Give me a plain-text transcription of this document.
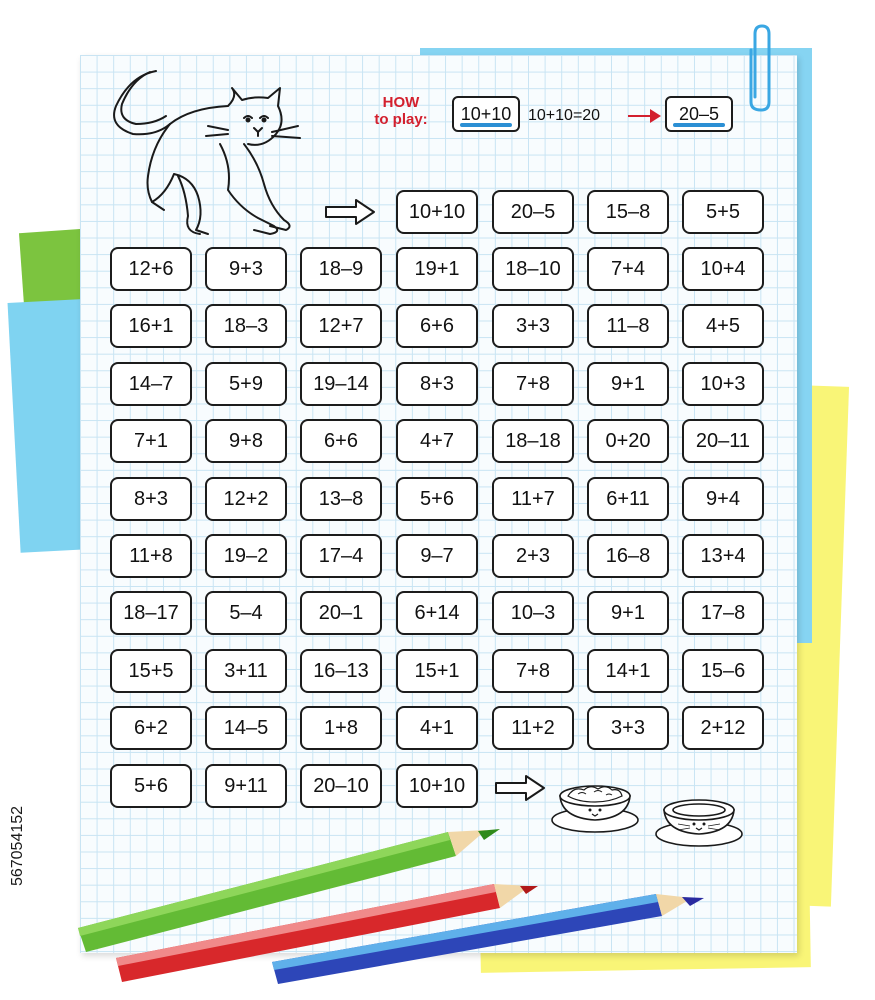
HOW
to play:	10+10 10+10=20	20–5
10+10	20–5	15–8	5+5
12+6	9+3	18–9	19+1	18–10	7+4	10+4
16+1	18–3	12+7	6+6	3+3	11–8	4+5
14–7	5+9	19–14	8+3	7+8	9+1	10+3
7+1	9+8	6+6	4+7	18–18	0+20	20–11
8+3	12+2	13–8	5+6	11+7	6+11	9+4
11+8	19–2	17–4	9–7	2+3	16–8	13+4
18–17	5–4	20–1	6+14	10–3	9+1	17–8
15+5	3+11	16–13	15+1	7+8	14+1	15–6
6+2	14–5	1+8	4+1	11+2	3+3	2+12
5+6	9+11	20–10	10+10
567054152
